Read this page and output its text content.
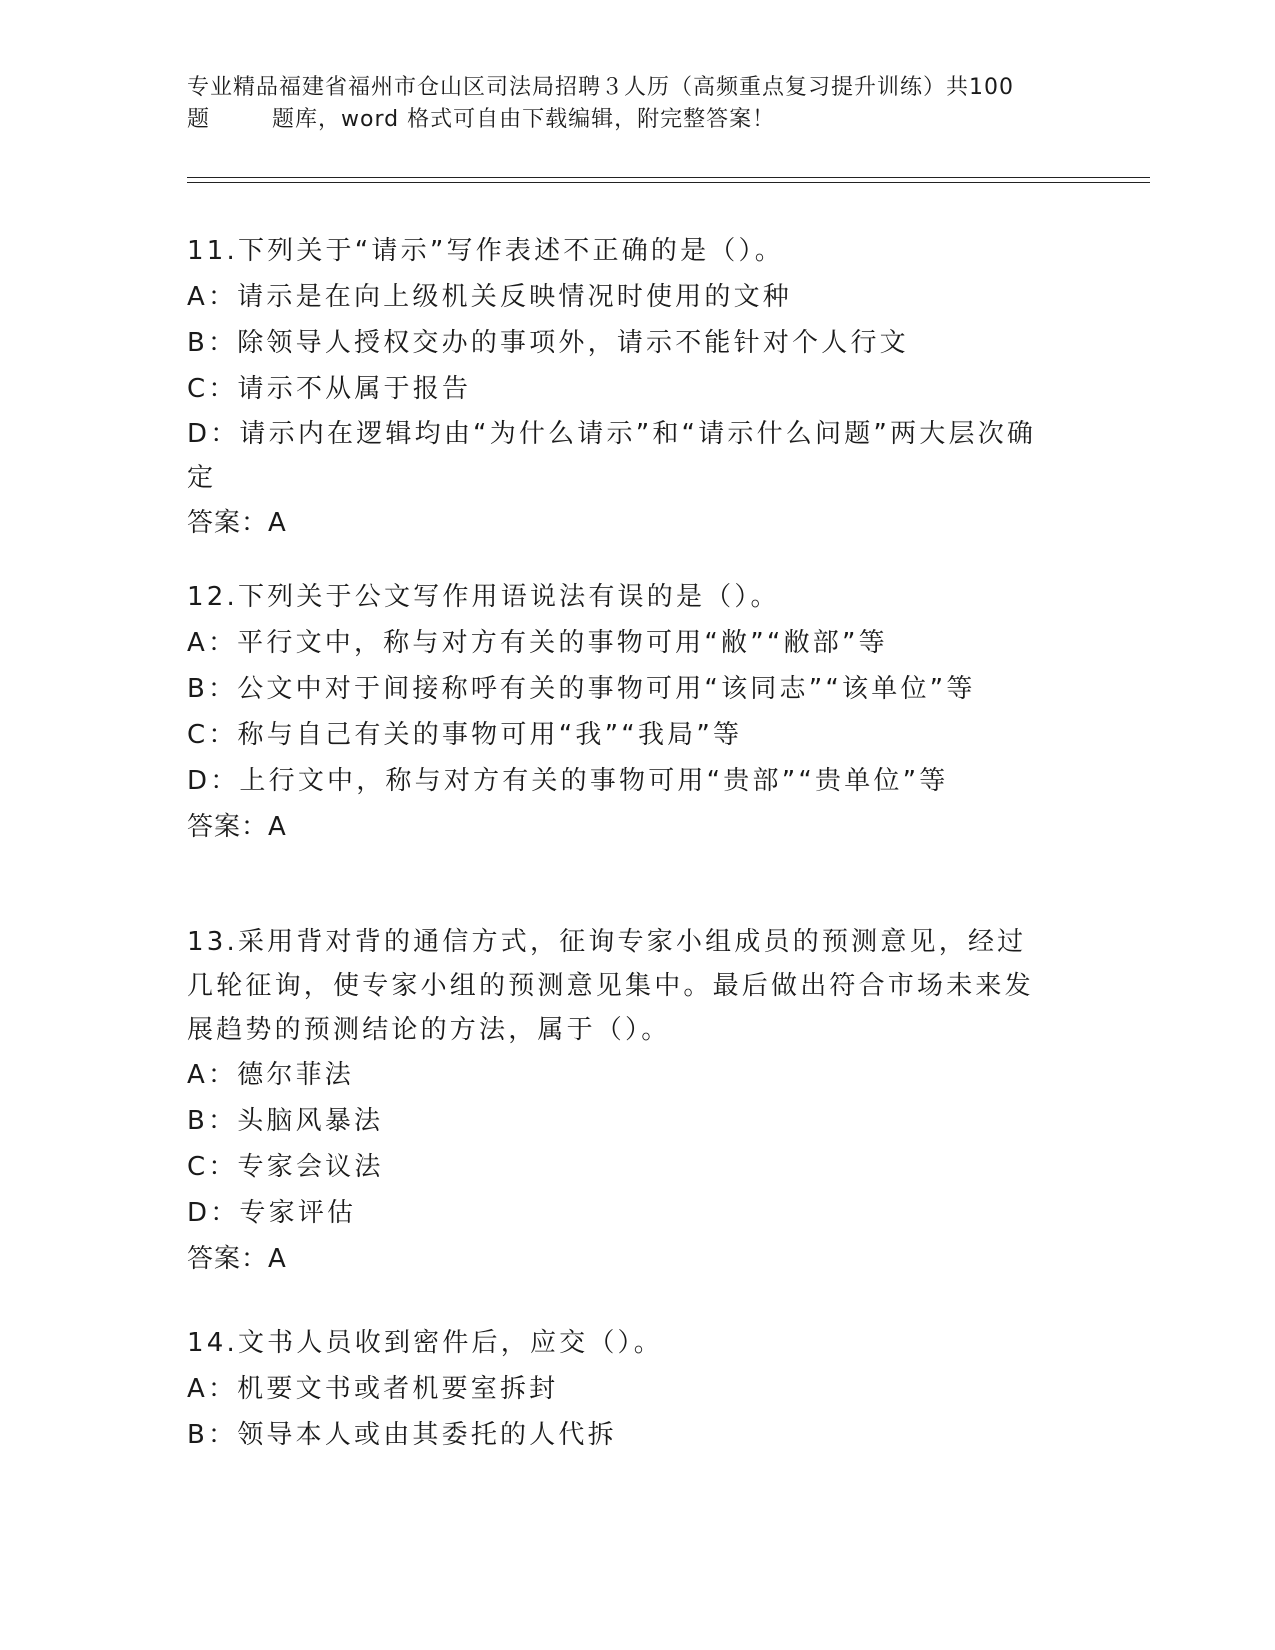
专业精品福建省福州市仓山区司法局招聘３人历（高频重点复习提升训练）共100
题	题库，word 格式可自由下载编辑，附完整答案！
11.下列关于“请示”写作表述不正确的是（）。
A：请示是在向上级机关反映情况时使用的文种
B：除领导人授权交办的事项外，请示不能针对个人行文
C：请示不从属于报告
D：请示内在逻辑均由“为什么请示”和“请示什么问题”两大层次确定
答案：A
12.下列关于公文写作用语说法有误的是（）。
A：平行文中，称与对方有关的事物可用“敝”“敝部”等
B：公文中对于间接称呼有关的事物可用“该同志”“该单位”等
C：称与自己有关的事物可用“我”“我局”等
D：上行文中，称与对方有关的事物可用“贵部”“贵单位”等
答案：A
13.采用背对背的通信方式，征询专家小组成员的预测意见，经过几轮征询，使专家小组的预测意见集中。最后做出符合市场未来发展趋势的预测结论的方法，属于（）。
A：德尔菲法
B：头脑风暴法
C：专家会议法
D：专家评估
答案：A
14.文书人员收到密件后，应交（）。
A：机要文书或者机要室拆封
B：领导本人或由其委托的人代拆
